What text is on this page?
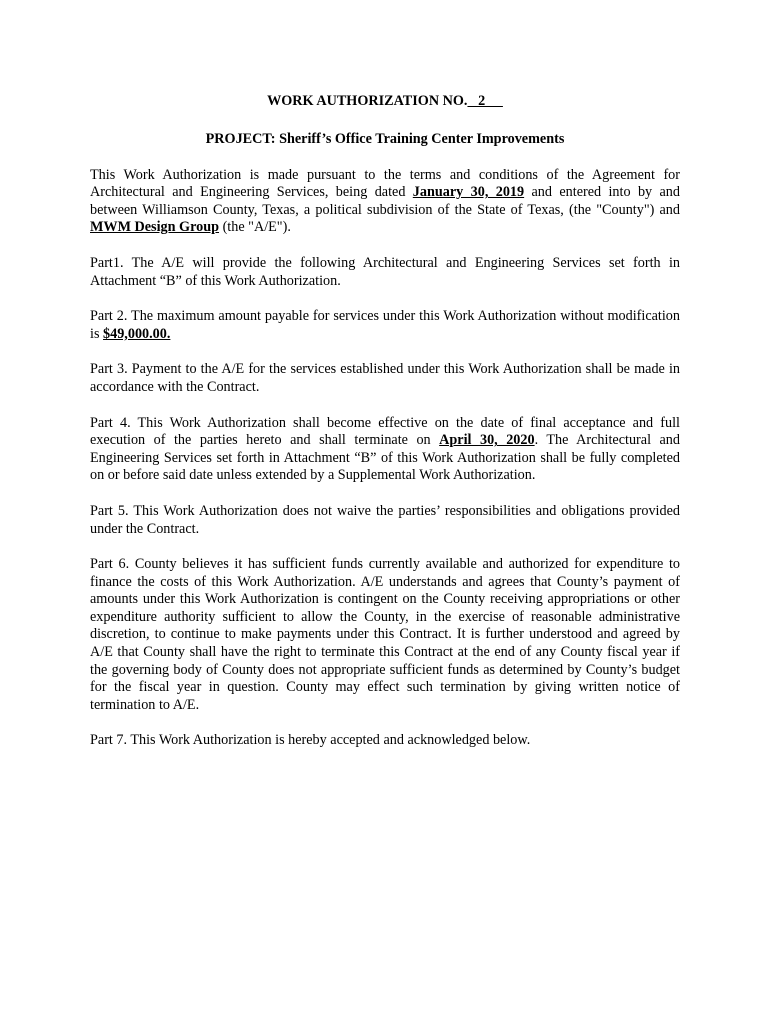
WORK AUTHORIZATION NO.   2

PROJECT: Sheriff’s Office Training Center Improvements

This Work Authorization is made pursuant to the terms and conditions of the Agreement for Architectural and Engineering Services, being dated January 30, 2019 and entered into by and between Williamson County, Texas, a political subdivision of the State of Texas, (the "County") and MWM Design Group (the "A/E").

Part1. The A/E will provide the following Architectural and Engineering Services set forth in Attachment “B” of this Work Authorization.

Part 2. The maximum amount payable for services under this Work Authorization without modification is $49,000.00.

Part 3. Payment to the A/E for the services established under this Work Authorization shall be made in accordance with the Contract.

Part 4. This Work Authorization shall become effective on the date of final acceptance and full execution of the parties hereto and shall terminate on April 30, 2020. The Architectural and Engineering Services set forth in Attachment “B” of this Work Authorization shall be fully completed on or before said date unless extended by a Supplemental Work Authorization.

Part 5. This Work Authorization does not waive the parties’ responsibilities and obligations provided under the Contract.

Part 6. County believes it has sufficient funds currently available and authorized for expenditure to finance the costs of this Work Authorization. A/E understands and agrees that County’s payment of amounts under this Work Authorization is contingent on the County receiving appropriations or other expenditure authority sufficient to allow the County, in the exercise of reasonable administrative discretion, to continue to make payments under this Contract. It is further understood and agreed by A/E that County shall have the right to terminate this Contract at the end of any County fiscal year if the governing body of County does not appropriate sufficient funds as determined by County’s budget for the fiscal year in question. County may effect such termination by giving written notice of termination to A/E.

Part 7. This Work Authorization is hereby accepted and acknowledged below.
